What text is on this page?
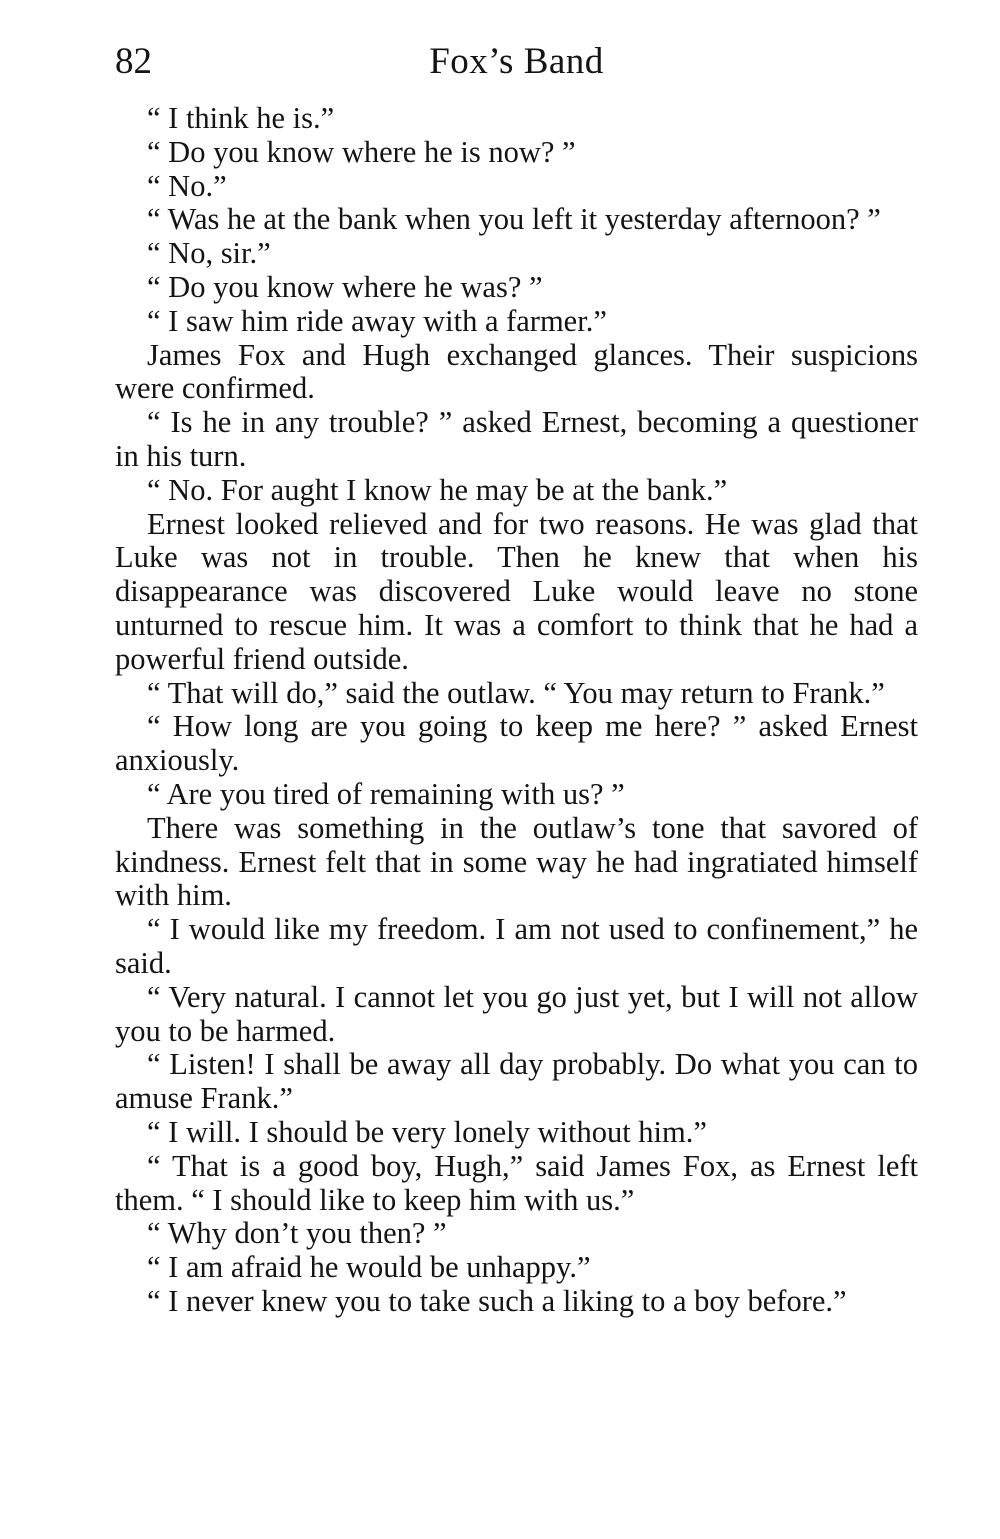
82	Fox’s Band

“ I think he is.”

“ Do you know where he is now? ”

“ No.”

“ Was he at the bank when you left it yesterday afternoon? ”

“ No, sir.”

“ Do you know where he was? ”

“ I saw him ride away with a farmer.”

James Fox and Hugh exchanged glances. Their suspicions were confirmed.

“ Is he in any trouble? ” asked Ernest, becoming a questioner in his turn.

“ No. For aught I know he may be at the bank.”

Ernest looked relieved and for two reasons. He was glad that Luke was not in trouble. Then he knew that when his disappearance was discovered Luke would leave no stone unturned to rescue him. It was a comfort to think that he had a powerful friend outside.

“ That will do,” said the outlaw. “ You may return to Frank.”

“ How long are you going to keep me here? ” asked Ernest anxiously.

“ Are you tired of remaining with us? ”

There was something in the outlaw’s tone that savored of kindness. Ernest felt that in some way he had ingratiated himself with him.

“ I would like my freedom. I am not used to confinement,” he said.

“ Very natural. I cannot let you go just yet, but I will not allow you to be harmed.

“ Listen! I shall be away all day probably. Do what you can to amuse Frank.”

“ I will. I should be very lonely without him.”

“ That is a good boy, Hugh,” said James Fox, as Ernest left them. “ I should like to keep him with us.”

“ Why don’t you then? ”

“ I am afraid he would be unhappy.”

“ I never knew you to take such a liking to a boy before.”
